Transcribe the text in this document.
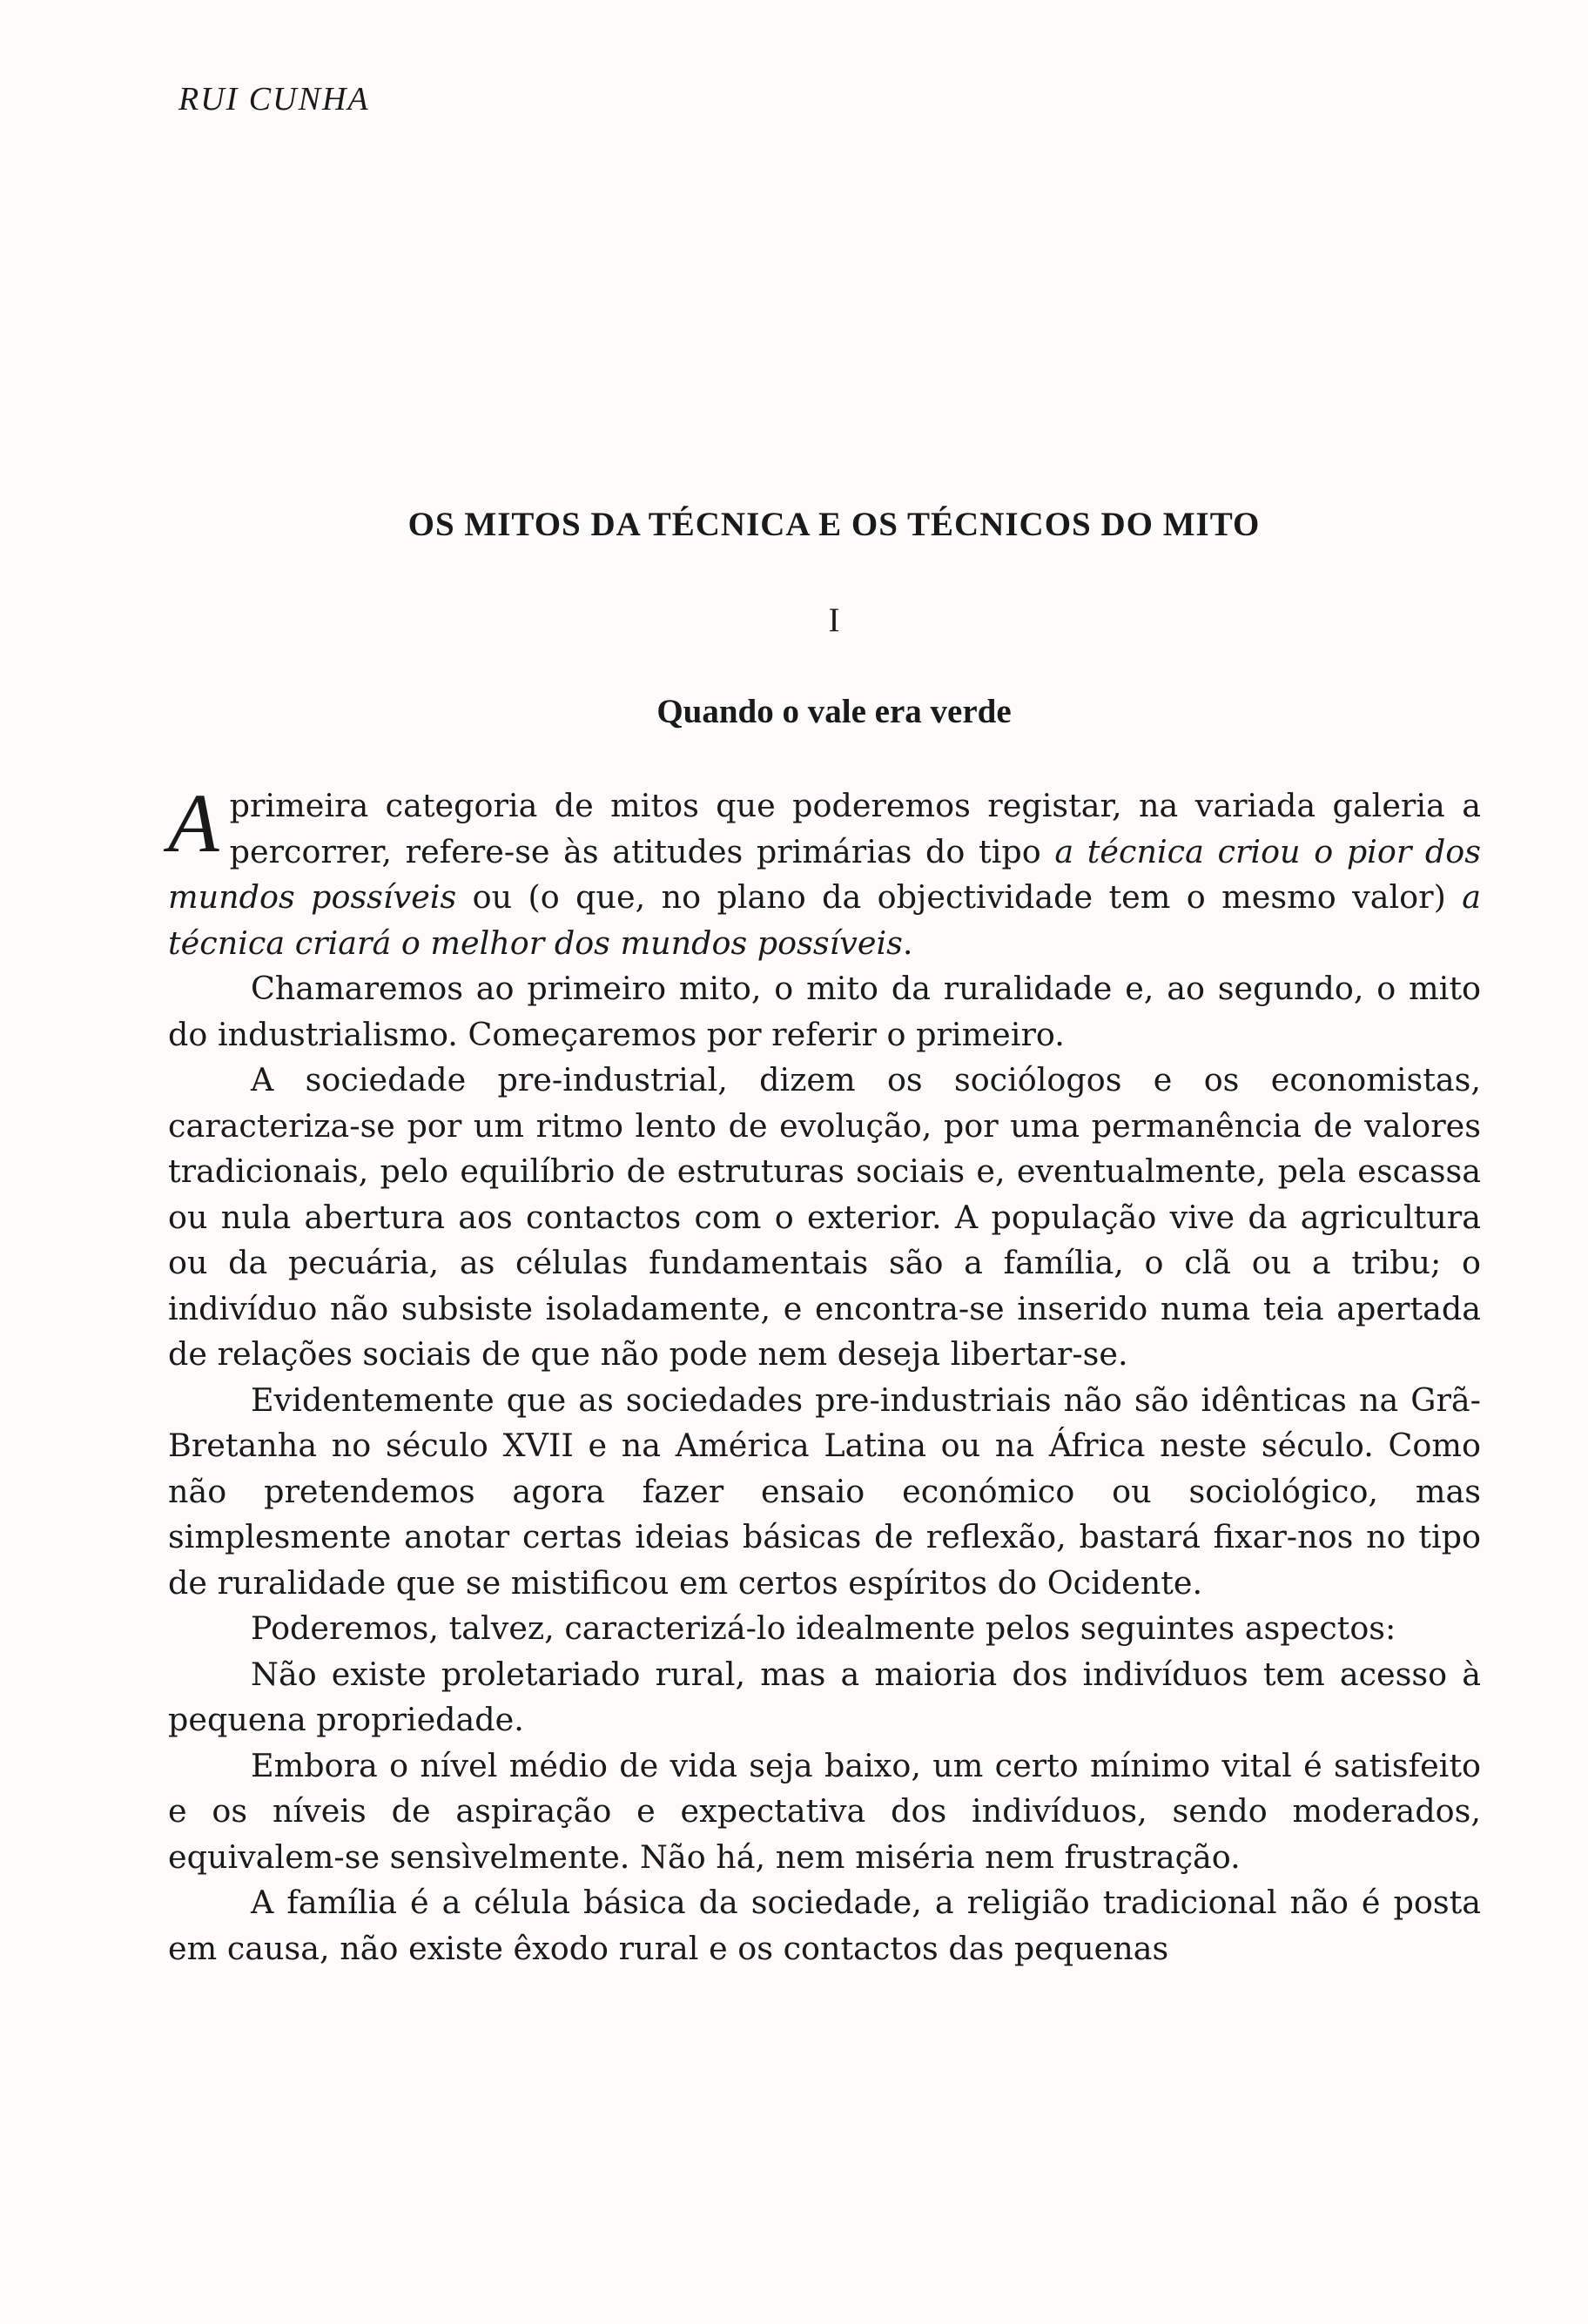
RUI CUNHA
OS MITOS DA TÉCNICA E OS TÉCNICOS DO MITO
I
Quando o vale era verde

A primeira categoria de mitos que poderemos registar, na variada galeria a percorrer, refere-se às atitudes primárias do tipo a técnica criou o pior dos mundos possíveis ou (o que, no plano da objectividade tem o mesmo valor) a técnica criará o melhor dos mundos possíveis.

Chamaremos ao primeiro mito, o mito da ruralidade e, ao segundo, o mito do industrialismo. Começaremos por referir o primeiro.

A sociedade pre-industrial, dizem os sociólogos e os economistas, caracteriza-se por um ritmo lento de evolução, por uma permanência de valores tradicionais, pelo equilíbrio de estruturas sociais e, eventualmente, pela escassa ou nula abertura aos contactos com o exterior. A população vive da agricultura ou da pecuária, as células fundamentais são a família, o clã ou a tribu; o indivíduo não subsiste isoladamente, e encontra-se inserido numa teia apertada de relações sociais de que não pode nem deseja libertar-se.

Evidentemente que as sociedades pre-industriais não são idênticas na Grã-Bretanha no século XVII e na América Latina ou na África neste século. Como não pretendemos agora fazer ensaio económico ou sociológico, mas simplesmente anotar certas ideias básicas de reflexão, bastará fixar-nos no tipo de ruralidade que se mistificou em certos espíritos do Ocidente.

Poderemos, talvez, caracterizá-lo idealmente pelos seguintes aspectos:

Não existe proletariado rural, mas a maioria dos indivíduos tem acesso à pequena propriedade.

Embora o nível médio de vida seja baixo, um certo mínimo vital é satisfeito e os níveis de aspiração e expectativa dos indivíduos, sendo moderados, equivalem-se sensìvelmente. Não há, nem miséria nem frustração.

A família é a célula básica da sociedade, a religião tradicional não é posta em causa, não existe êxodo rural e os contactos das pequenas
